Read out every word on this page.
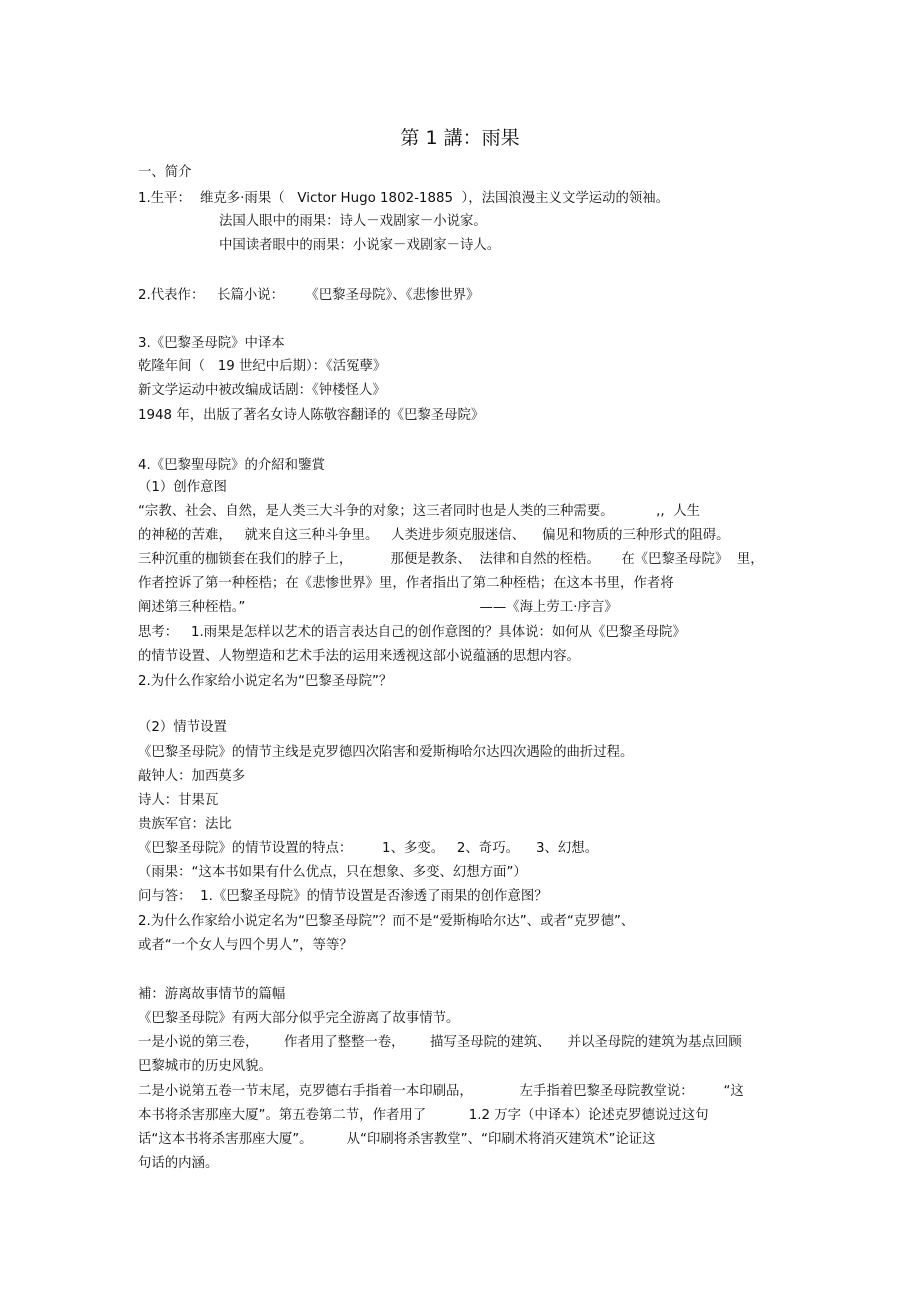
第 1 講：雨果
一、简介
1.生平： 维克多·雨果（   Victor Hugo 1802-1885  ），法国浪漫主义文学运动的领袖。
法国人眼中的雨果：诗人－戏剧家－小说家。
中国读者眼中的雨果：小说家－戏剧家－诗人。
2.代表作：   长篇小说：     《巴黎圣母院》、《悲惨世界》
3.《巴黎圣母院》中译本
乾隆年间（   19 世纪中后期）：《活冤孽》
新文学运动中被改编成话剧：《钟楼怪人》
1948 年，出版了著名女诗人陈敬容翻译的《巴黎圣母院》
4.《巴黎聖母院》的介紹和鑒賞
（1）创作意图
“宗教、社会、自然，是人类三大斗争的对象；这三者同时也是人类的三种需要。          ,,  人生
的神秘的苦难，   就来自这三种斗争里。   人类进步须克服迷信、    偏见和物质的三种形式的阻碍。
三种沉重的枷锁套在我们的脖子上，         那便是教条、  法律和自然的桎梏。     在《巴黎圣母院》  里，
作者控诉了第一种桎梏；在《悲惨世界》里，作者指出了第二种桎梏；在这本书里，作者将
阐述第三种桎梏。”                                                       ——《海上劳工·序言》
思考：   1.雨果是怎样以艺术的语言表达自己的创作意图的？具体说：如何从《巴黎圣母院》
的情节设置、人物塑造和艺术手法的运用来透视这部小说蕴涵的思想内容。
2.为什么作家给小说定名为“巴黎圣母院”？
（2）情节设置
《巴黎圣母院》的情节主线是克罗德四次陷害和爱斯梅哈尔达四次遇险的曲折过程。
敲钟人：加西莫多
诗人：甘果瓦
贵族军官：法比
《巴黎圣母院》的情节设置的特点：       1、多变。   2、奇巧。    3、幻想。
（雨果：“这本书如果有什么优点，只在想象、多变、幻想方面”）
问与答：  1.《巴黎圣母院》的情节设置是否渗透了雨果的创作意图？
2.为什么作家给小说定名为“巴黎圣母院”？而不是“爱斯梅哈尔达”、或者“克罗德”、
或者“一个女人与四个男人”，等等？
補：游离故事情节的篇幅
《巴黎圣母院》有两大部分似乎完全游离了故事情节。
一是小说的第三卷，      作者用了整整一卷，      描写圣母院的建筑、    并以圣母院的建筑为基点回顾
巴黎城市的历史风貌。
二是小说第五卷一节末尾，克罗德右手指着一本印刷品，           左手指着巴黎圣母院教堂说：       “这
本书将杀害那座大厦”。第五卷第二节，作者用了          1.2 万字（中译本）论述克罗德说过这句
话“这本书将杀害那座大厦”。        从“印刷将杀害教堂”、“印刷术将消灭建筑术”论证这
句话的内涵。
